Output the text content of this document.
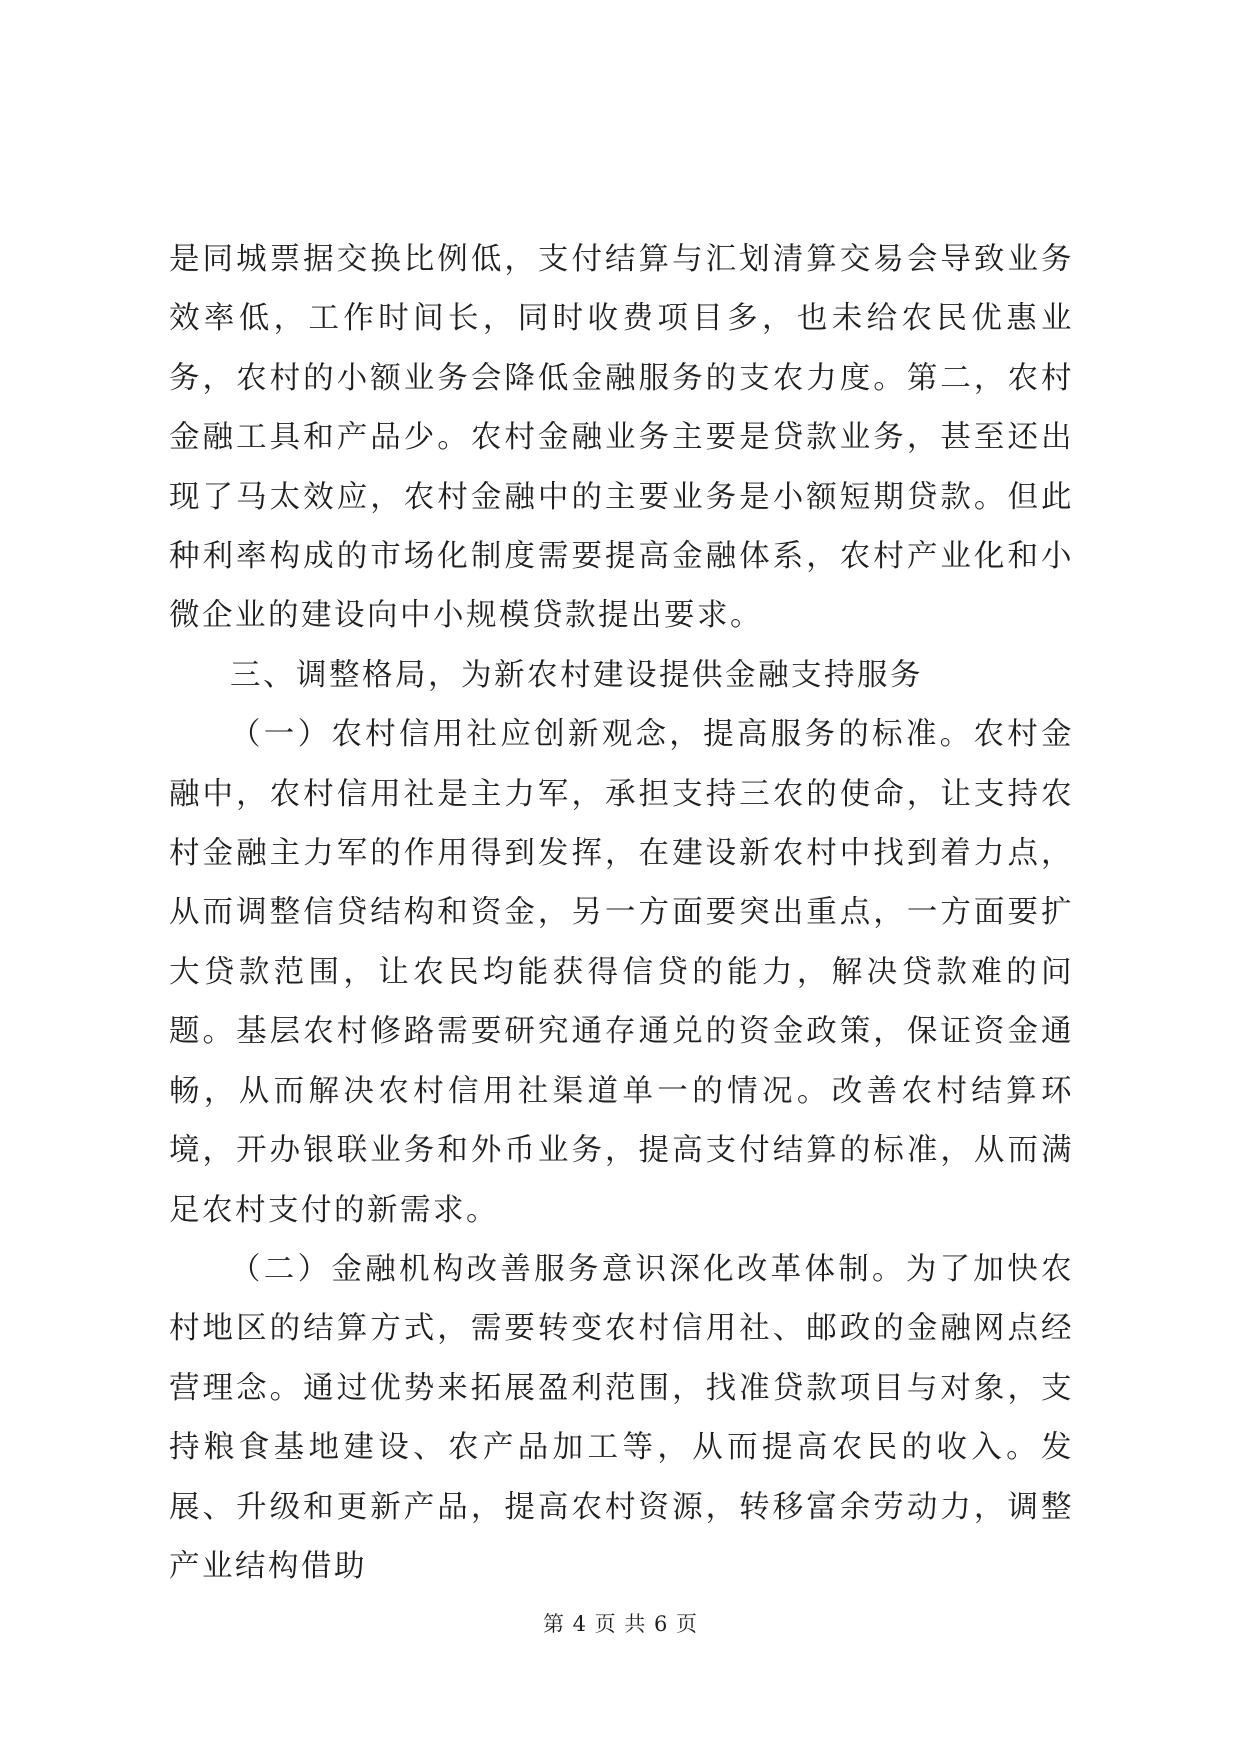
是同城票据交换比例低，支付结算与汇划清算交易会导致业务效率低，工作时间长，同时收费项目多，也未给农民优惠业务，农村的小额业务会降低金融服务的支农力度。第二，农村金融工具和产品少。农村金融业务主要是贷款业务，甚至还出现了马太效应，农村金融中的主要业务是小额短期贷款。但此种利率构成的市场化制度需要提高金融体系，农村产业化和小微企业的建设向中小规模贷款提出要求。

三、调整格局，为新农村建设提供金融支持服务

（一）农村信用社应创新观念，提高服务的标准。农村金融中，农村信用社是主力军，承担支持三农的使命，让支持农村金融主力军的作用得到发挥，在建设新农村中找到着力点，从而调整信贷结构和资金，另一方面要突出重点，一方面要扩大贷款范围，让农民均能获得信贷的能力，解决贷款难的问题。基层农村修路需要研究通存通兑的资金政策，保证资金通畅，从而解决农村信用社渠道单一的情况。改善农村结算环境，开办银联业务和外币业务，提高支付结算的标准，从而满足农村支付的新需求。

（二）金融机构改善服务意识深化改革体制。为了加快农村地区的结算方式，需要转变农村信用社、邮政的金融网点经营理念。通过优势来拓展盈利范围，找准贷款项目与对象，支持粮食基地建设、农产品加工等，从而提高农民的收入。发展、升级和更新产品，提高农村资源，转移富余劳动力，调整产业结构借助

第 4 页 共 6 页
